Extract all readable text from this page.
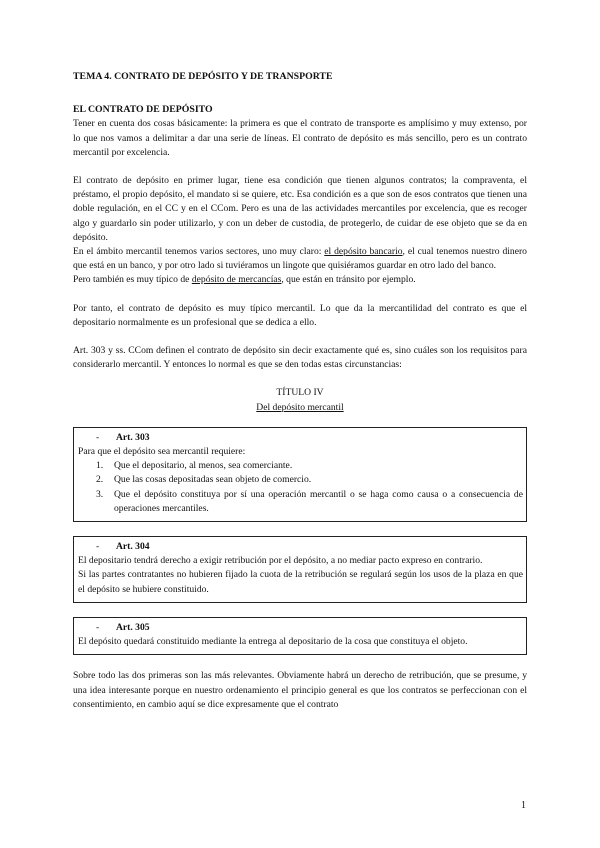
TEMA 4. CONTRATO DE DEPÓSITO Y DE TRANSPORTE

EL CONTRATO DE DEPÓSITO

Tener en cuenta dos cosas básicamente: la primera es que el contrato de transporte es amplísimo y muy extenso, por lo que nos vamos a delimitar a dar una serie de líneas. El contrato de depósito es más sencillo, pero es un contrato mercantil por excelencia.

El contrato de depósito en primer lugar, tiene esa condición que tienen algunos contratos; la compraventa, el préstamo, el propio depósito, el mandato si se quiere, etc. Esa condición es a que son de esos contratos que tienen una doble regulación, en el CC y en el CCom. Pero es una de las actividades mercantiles por excelencia, que es recoger algo y guardarlo sin poder utilizarlo, y con un deber de custodia, de protegerlo, de cuidar de ese objeto que se da en depósito.

En el ámbito mercantil tenemos varios sectores, uno muy claro: el depósito bancario, el cual tenemos nuestro dinero que está en un banco, y por otro lado si tuviéramos un lingote que quisiéramos guardar en otro lado del banco.

Pero también es muy típico de depósito de mercancías, que están en tránsito por ejemplo.

Por tanto, el contrato de depósito es muy típico mercantil. Lo que da la mercantilidad del contrato es que el depositario normalmente es un profesional que se dedica a ello.

Art. 303 y ss. CCom definen el contrato de depósito sin decir exactamente qué es, sino cuáles son los requisitos para considerarlo mercantil. Y entonces lo normal es que se den todas estas circunstancias:

TÍTULO IV
Del depósito mercantil
- Art. 303

Para que el depósito sea mercantil requiere:

1. Que el depositario, al menos, sea comerciante.
2. Que las cosas depositadas sean objeto de comercio.
3. Que el depósito constituya por sí una operación mercantil o se haga como causa o a consecuencia de operaciones mercantiles.
- Art. 304

El depositario tendrá derecho a exigir retribución por el depósito, a no mediar pacto expreso en contrario.

Si las partes contratantes no hubieren fijado la cuota de la retribución se regulará según los usos de la plaza en que el depósito se hubiere constituido.

- Art. 305

El depósito quedará constituido mediante la entrega al depositario de la cosa que constituya el objeto.

Sobre todo las dos primeras son las más relevantes. Obviamente habrá un derecho de retribución, que se presume, y una idea interesante porque en nuestro ordenamiento el principio general es que los contratos se perfeccionan con el consentimiento, en cambio aquí se dice expresamente que el contrato

1
